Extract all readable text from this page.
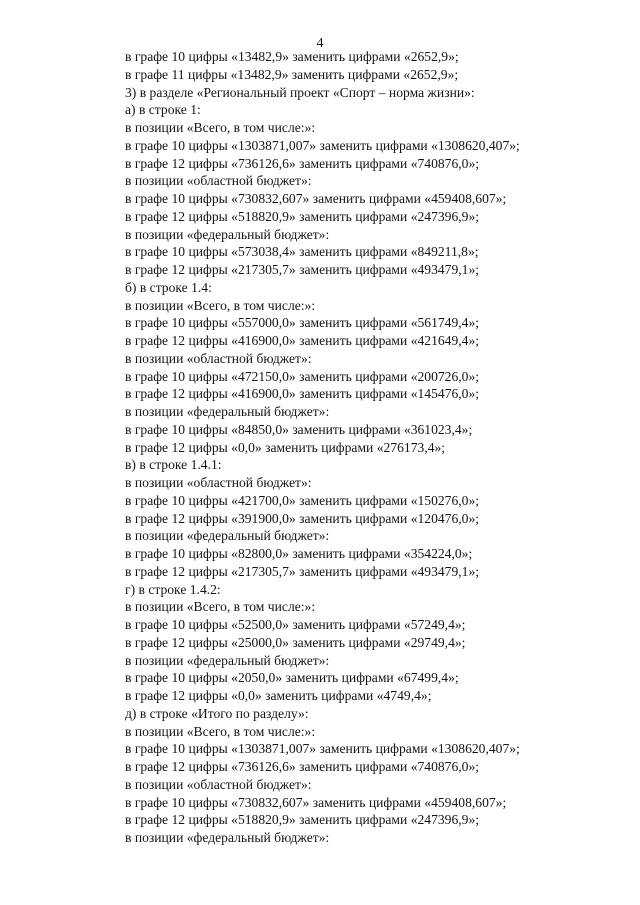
4
в графе 10 цифры «13482,9» заменить цифрами «2652,9»;
в графе 11 цифры «13482,9» заменить цифрами «2652,9»;
3) в разделе «Региональный проект «Спорт – норма жизни»:
а) в строке 1:
в позиции «Всего, в том числе:»:
в графе 10 цифры «1303871,007» заменить цифрами «1308620,407»;
в графе 12 цифры «736126,6» заменить цифрами «740876,0»;
в позиции «областной бюджет»:
в графе 10 цифры «730832,607» заменить цифрами «459408,607»;
в графе 12 цифры «518820,9» заменить цифрами «247396,9»;
в позиции «федеральный бюджет»:
в графе 10 цифры «573038,4» заменить цифрами «849211,8»;
в графе 12 цифры «217305,7» заменить цифрами «493479,1»;
б) в строке 1.4:
в позиции «Всего, в том числе:»:
в графе 10 цифры «557000,0» заменить цифрами «561749,4»;
в графе 12 цифры «416900,0» заменить цифрами «421649,4»;
в позиции «областной бюджет»:
в графе 10 цифры «472150,0» заменить цифрами «200726,0»;
в графе 12 цифры «416900,0» заменить цифрами «145476,0»;
в позиции «федеральный бюджет»:
в графе 10 цифры «84850,0» заменить цифрами «361023,4»;
в графе 12 цифры «0,0» заменить цифрами «276173,4»;
в) в строке 1.4.1:
в позиции «областной бюджет»:
в графе 10 цифры «421700,0» заменить цифрами «150276,0»;
в графе 12 цифры «391900,0» заменить цифрами «120476,0»;
в позиции «федеральный бюджет»:
в графе 10 цифры «82800,0» заменить цифрами «354224,0»;
в графе 12 цифры «217305,7» заменить цифрами «493479,1»;
г) в строке 1.4.2:
в позиции «Всего, в том числе:»:
в графе 10 цифры «52500,0» заменить цифрами «57249,4»;
в графе 12 цифры «25000,0» заменить цифрами «29749,4»;
в позиции «федеральный бюджет»:
в графе 10 цифры «2050,0» заменить цифрами «67499,4»;
в графе 12 цифры «0,0» заменить цифрами «4749,4»;
д) в строке «Итого по разделу»:
в позиции «Всего, в том числе:»:
в графе 10 цифры «1303871,007» заменить цифрами «1308620,407»;
в графе 12 цифры «736126,6» заменить цифрами «740876,0»;
в позиции «областной бюджет»:
в графе 10 цифры «730832,607» заменить цифрами «459408,607»;
в графе 12 цифры «518820,9» заменить цифрами «247396,9»;
в позиции «федеральный бюджет»:
